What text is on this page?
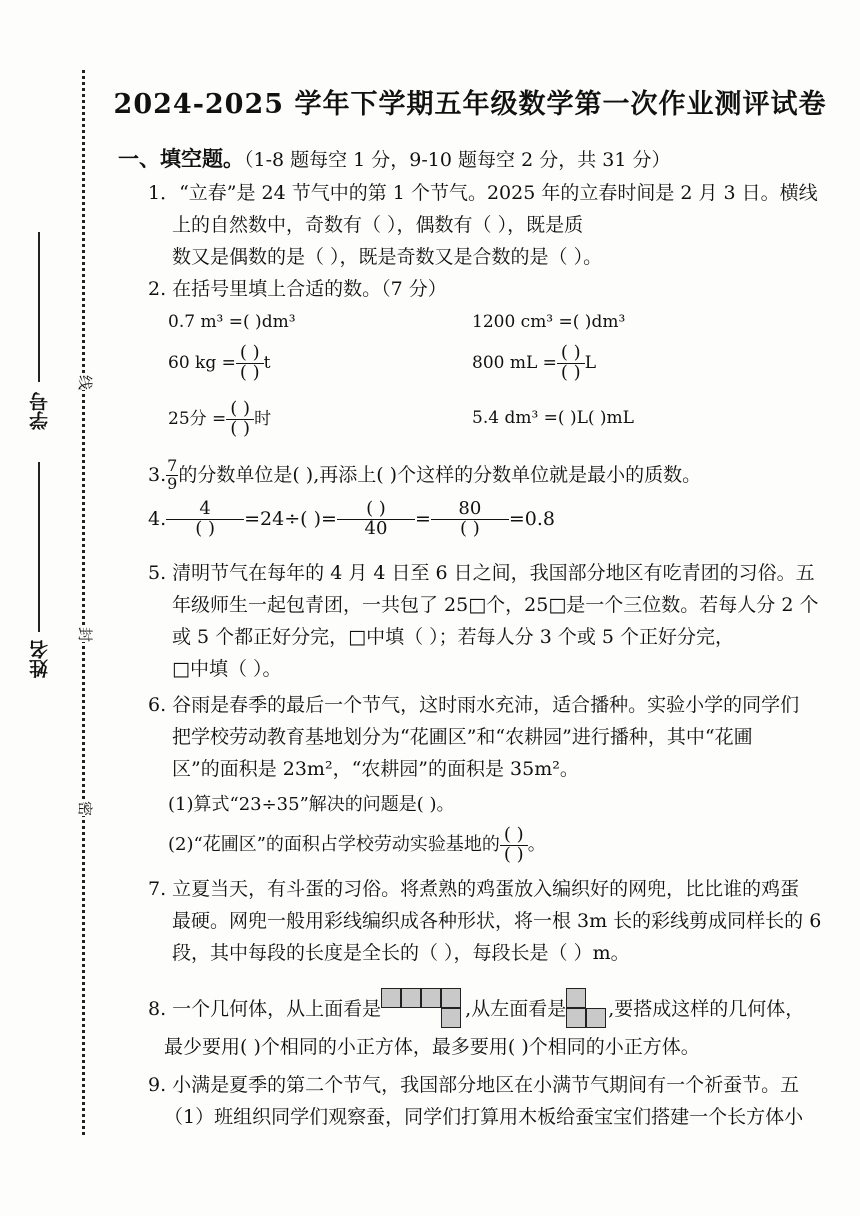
学号
姓名
线
封
密
2024-2025 学年下学期五年级数学第一次作业测评试卷
一、填空题。（1-8 题每空 1 分，9-10 题每空 2 分，共 31 分）
1．“立春”是 24 节气中的第 1 个节气。2025 年的立春时间是 2 月 3 日。横线
上的自然数中，奇数有（ ），偶数有（ ），既是质
数又是偶数的是（ ），既是奇数又是合数的是（ ）。
2. 在括号里填上合适的数。（7 分）
0.7 m³ =( )dm³	1200 cm³ =( )dm³
60 kg = $\frac{( )}{( )}$ t	800 mL = $\frac{( )}{( )}$ L
25分 = $\frac{( )}{( )}$ 时	5.4 dm³ =( )L( )mL
3. $\frac{7}{9}$ 的分数单位是( ),再添上( )个这样的分数单位就是最小的质数。
4. $\frac{4}{( )} =24\div$( )= $\frac{( )}{40} = \frac{80}{( )} =0.8$
5. 清明节气在每年的 4 月 4 日至 6 日之间，我国部分地区有吃青团的习俗。五
年级师生一起包青团，一共包了 25□个，25□是一个三位数。若每人分 2 个
或 5 个都正好分完，□中填（ ）；若每人分 3 个或 5 个正好分完，
□中填（ ）。
6. 谷雨是春季的最后一个节气，这时雨水充沛，适合播种。实验小学的同学们
把学校劳动教育基地划分为“花圃区”和“农耕园”进行播种，其中“花圃
区”的面积是 23m²，“农耕园”的面积是 35m²。
(1)算式“23÷35”解决的问题是( )。
(2)“花圃区”的面积占学校劳动实验基地的 $\frac{( )}{( )}$ 。
7. 立夏当天，有斗蛋的习俗。将煮熟的鸡蛋放入编织好的网兜，比比谁的鸡蛋
最硬。网兜一般用彩线编织成各种形状，将一根 3m 长的彩线剪成同样长的 6
段，其中每段的长度是全长的（ ），每段长是（ ）m。
8. 一个几何体，从上面看是	,从左面看是 ,要搭成这样的几何体，
最少要用( )个相同的小正方体，最多要用( )个相同的小正方体。
9. 小满是夏季的第二个节气，我国部分地区在小满节气期间有一个祈蚕节。五
（1）班组织同学们观察蚕，同学们打算用木板给蚕宝宝们搭建一个长方体小
